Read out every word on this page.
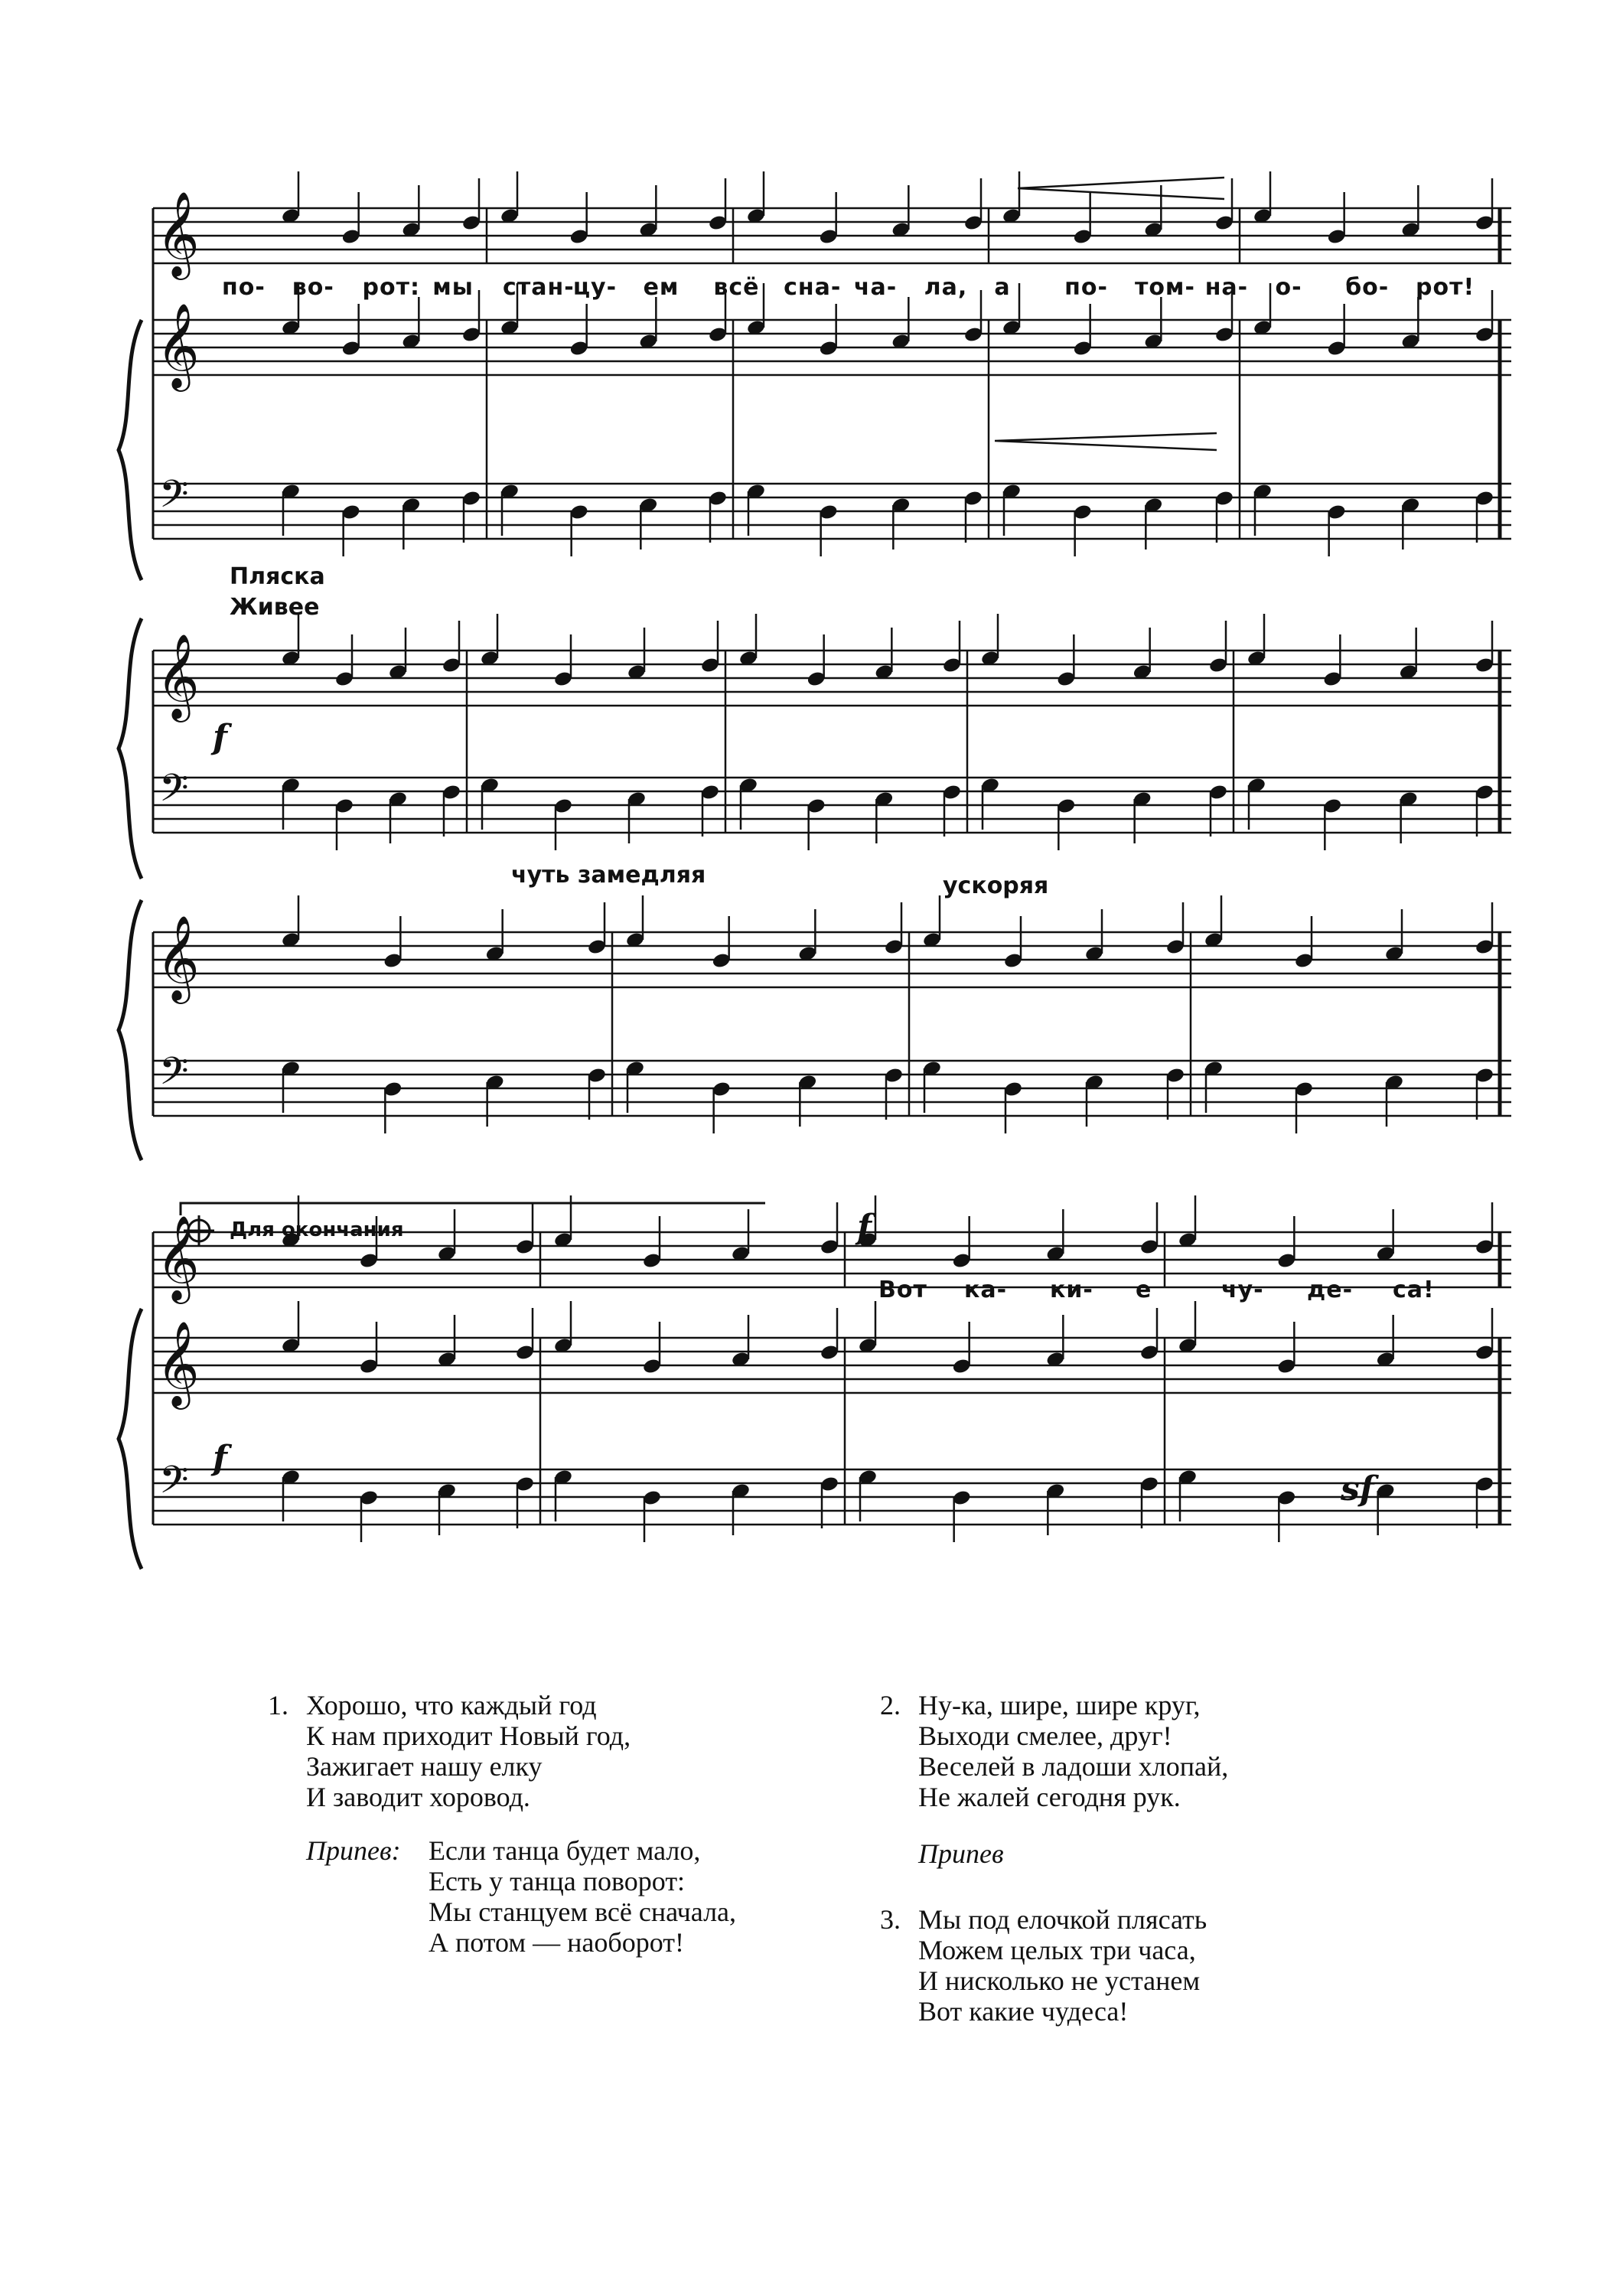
𝄞
𝄞
𝄢
𝄞
𝄢
𝄞
𝄢
𝄞
𝄞
𝄢
по- во- рот: мы стан-
цу- ем всё сна- ча- ла, а по- том- на- о- бо- рот!
Пляска
Живее
f
чуть замедляя	ускоряя
Для окончания	f
f
sf
Вот ка- ки- е	чу- де- са!
1. Хорошо, что каждый год
К нам приходит Новый год,
Зажигает нашу елку
И заводит хоровод.
Припев: Если танца будет мало,
Есть у танца поворот:
Мы станцуем всё сначала,
А потом — наоборот!
2. Ну-ка, шире, шире круг,
Выходи смелее, друг!
Веселей в ладоши хлопай,
Не жалей сегодня рук.
Припев
3. Мы под елочкой плясать
Можем целых три часа,
И нисколько не устанем
Вот какие чудеса!
